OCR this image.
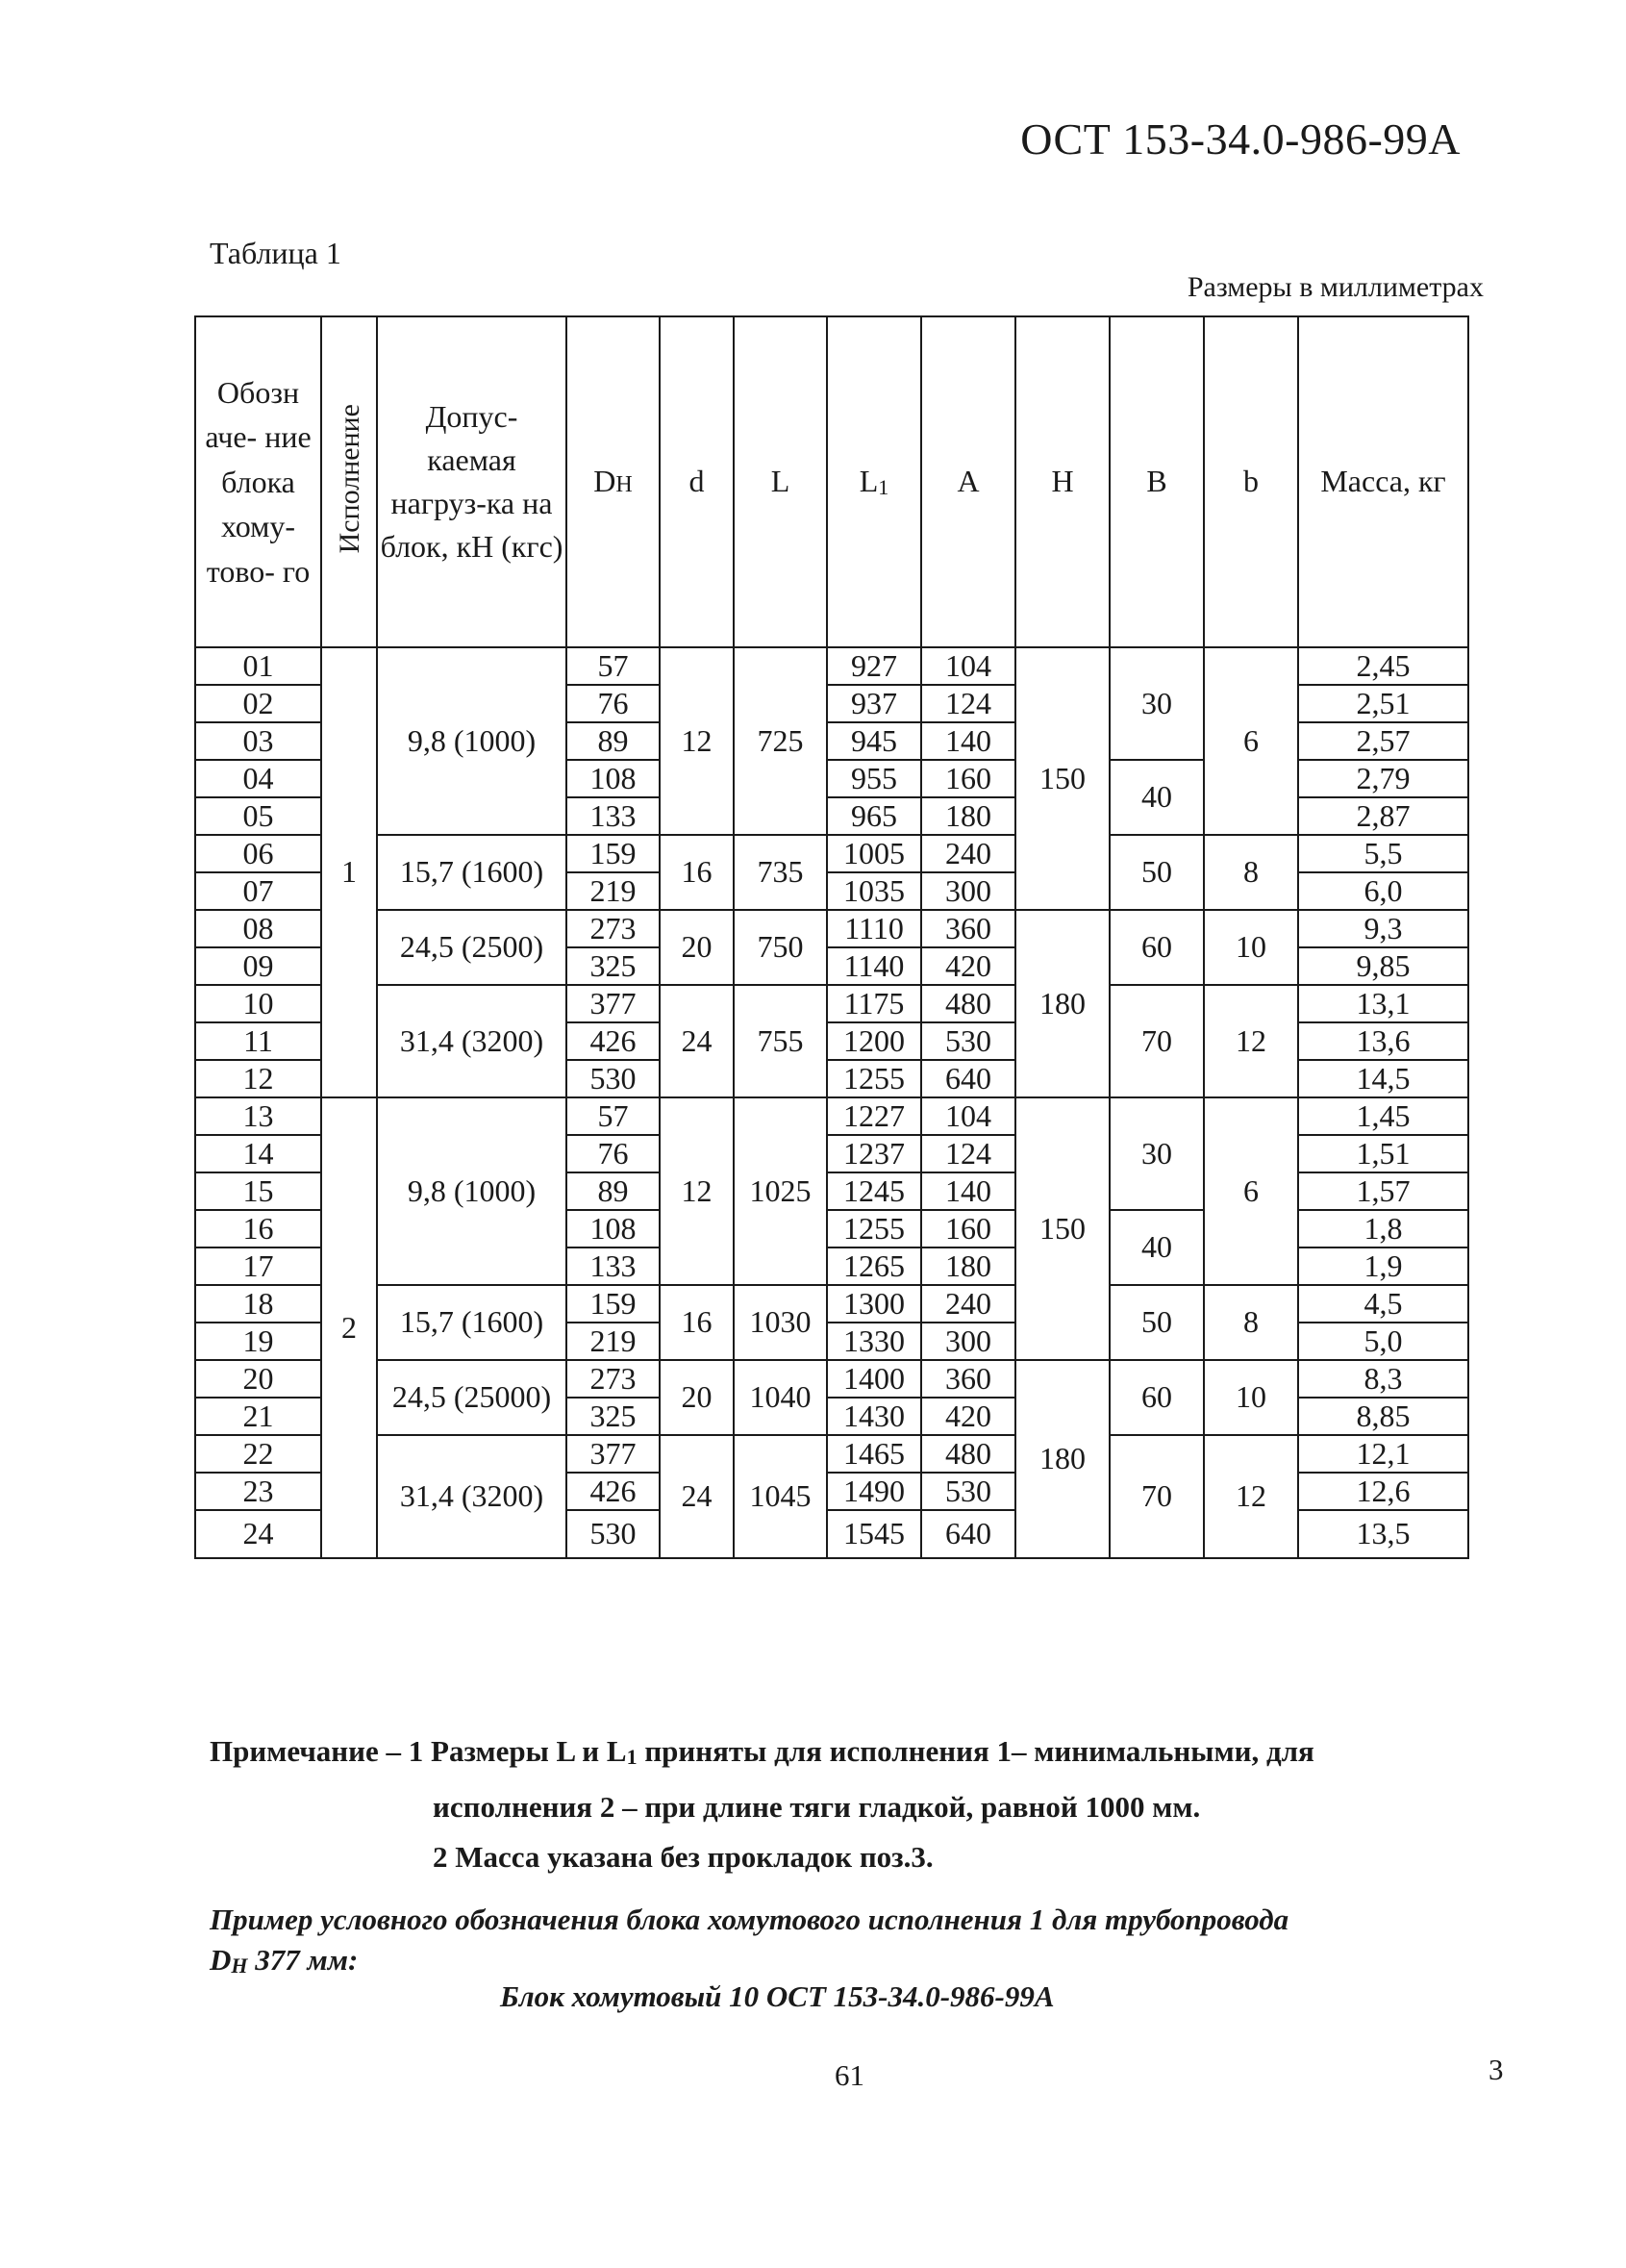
ОСТ 153-34.0-986-99А
Таблица 1
Размеры в миллиметрах
Обозн аче- ние блока хому- тово- го	Исполнение	Допус- каемая нагруз-ка на блок, кН (кгс)	DН	d	L	$L_1$	A	H	B	b	Масса, кг
01	1	9,8 (1000)	57	12	725	927	104	150	30	6	2,45
02			76			937	124				2,51
03			89			945	140				2,57
04			108			955	160		40		2,79
05			133			965	180				2,87
06		15,7 (1600)	159	16	735	1005	240		50	8	5,5
07			219			1035	300				6,0
08		24,5 (2500)	273	20	750	1110	360	180	60	10	9,3
09			325			1140	420				9,85
10		31,4 (3200)	377	24	755	1175	480		70	12	13,1
11			426			1200	530				13,6
12			530			1255	640				14,5
13	2	9,8 (1000)	57	12	1025	1227	104	150	30	6	1,45
14			76			1237	124				1,51
15			89			1245	140				1,57
16			108			1255	160		40		1,8
17			133			1265	180				1,9
18		15,7 (1600)	159	16	1030	1300	240		50	8	4,5
19			219			1330	300				5,0
20		24,5 (25000)	273	20	1040	1400	360	180	60	10	8,3
21			325			1430	420				8,85
22		31,4 (3200)	377	24	1045	1465	480		70	12	12,1
23			426			1490	530				12,6
24			530			1545	640				13,5
Примечание – 1 Размеры L и $L_1$ приняты для исполнения 1– минимальными, для
исполнения 2 – при длине тяги гладкой, равной 1000 мм.
2 Масса указана без прокладок поз.3.
Пример условного обозначения блока хомутового исполнения 1 для трубопровода
$D_Н$ 377 мм:
Блок хомутовый 10 ОСТ 153-34.0-986-99А
61	3
